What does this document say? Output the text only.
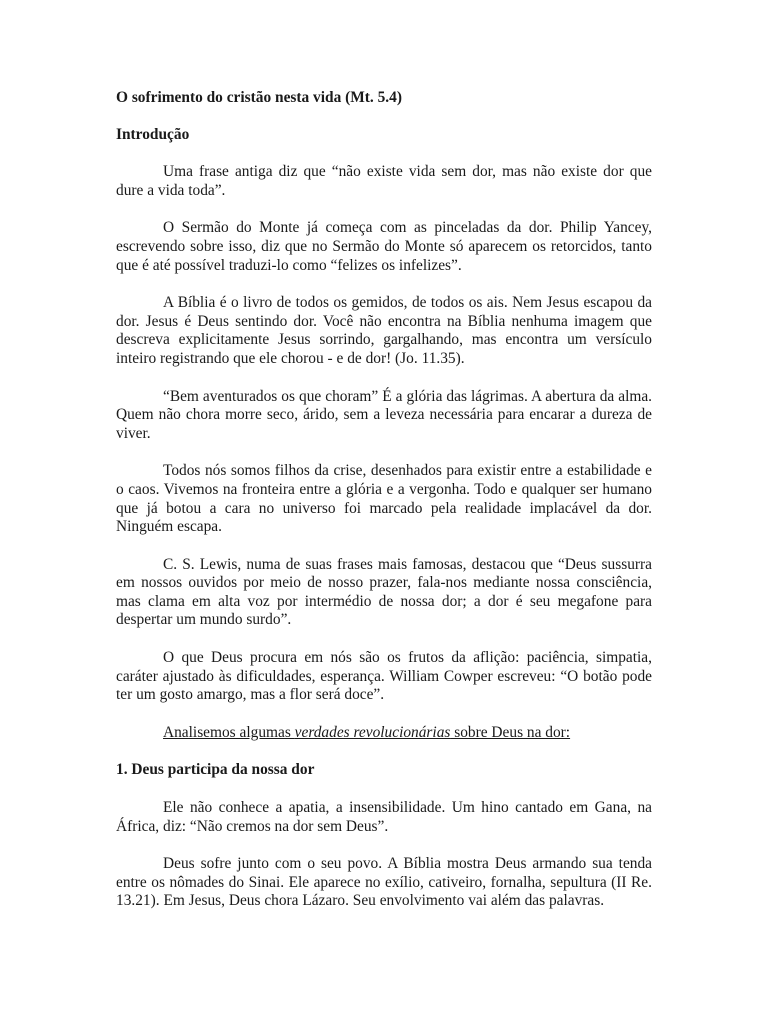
O sofrimento do cristão nesta vida (Mt. 5.4)

Introdução

Uma frase antiga diz que “não existe vida sem dor, mas não existe dor que dure a vida toda”.

O Sermão do Monte já começa com as pinceladas da dor. Philip Yancey, escrevendo sobre isso, diz que no Sermão do Monte só aparecem os retorcidos, tanto que é até possível traduzi-lo como “felizes os infelizes”.

A Bíblia é o livro de todos os gemidos, de todos os ais. Nem Jesus escapou da dor. Jesus é Deus sentindo dor. Você não encontra na Bíblia nenhuma imagem que descreva explicitamente Jesus sorrindo, gargalhando, mas encontra um versículo inteiro registrando que ele chorou - e de dor! (Jo. 11.35).

“Bem aventurados os que choram” É a glória das lágrimas. A abertura da alma. Quem não chora morre seco, árido, sem a leveza necessária para encarar a dureza de viver.

Todos nós somos filhos da crise, desenhados para existir entre a estabilidade e o caos. Vivemos na fronteira entre a glória e a vergonha. Todo e qualquer ser humano que já botou a cara no universo foi marcado pela realidade implacável da dor. Ninguém escapa.

C. S. Lewis, numa de suas frases mais famosas, destacou que “Deus sussurra em nossos ouvidos por meio de nosso prazer, fala-nos mediante nossa consciência, mas clama em alta voz por intermédio de nossa dor; a dor é seu megafone para despertar um mundo surdo”.

O que Deus procura em nós são os frutos da aflição: paciência, simpatia, caráter ajustado às dificuldades, esperança. William Cowper escreveu: “O botão pode ter um gosto amargo, mas a flor será doce”.

Analisemos algumas verdades revolucionárias sobre Deus na dor:

1. Deus participa da nossa dor

Ele não conhece a apatia, a insensibilidade. Um hino cantado em Gana, na África, diz: “Não cremos na dor sem Deus”.

Deus sofre junto com o seu povo. A Bíblia mostra Deus armando sua tenda entre os nômades do Sinai. Ele aparece no exílio, cativeiro, fornalha, sepultura (II Re. 13.21). Em Jesus, Deus chora Lázaro. Seu envolvimento vai além das palavras.
